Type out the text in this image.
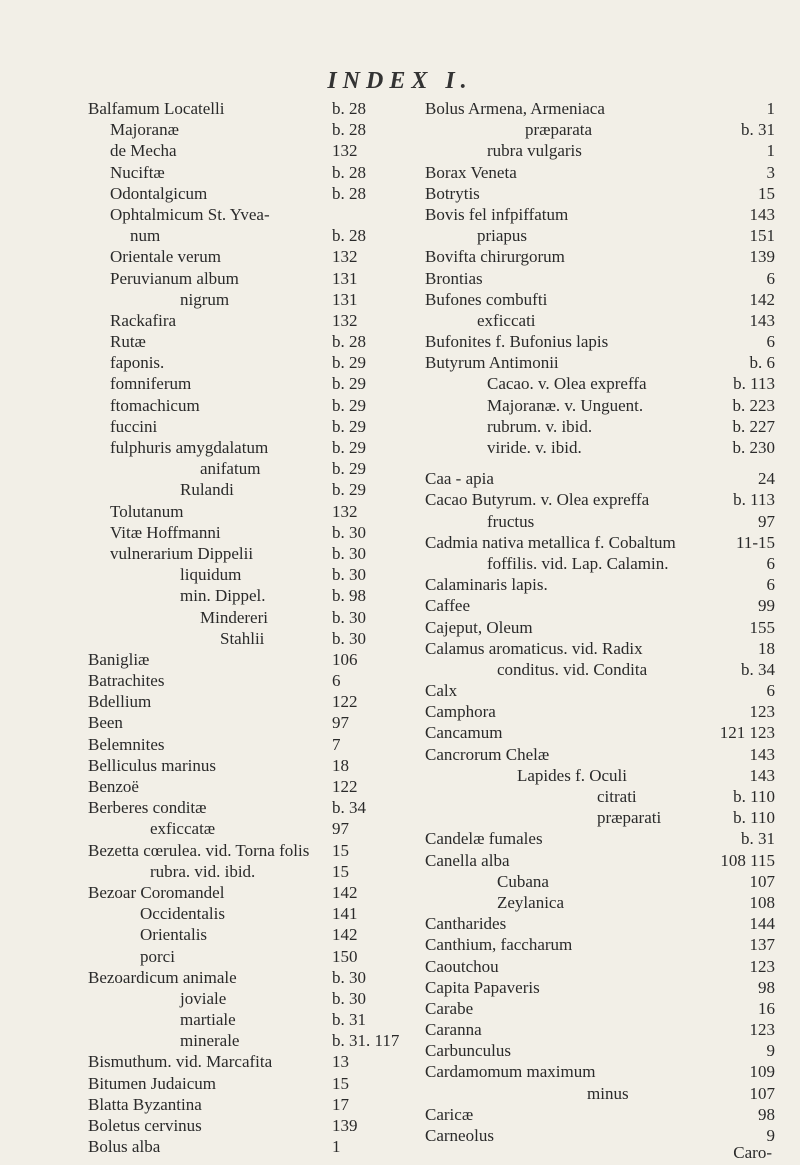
INDEX I.
Balfamum Locatelli	b. 28
Majoranæ	b. 28
de Mecha	132
Nuciftæ	b. 28
Odontalgicum	b. 28
Ophtalmicum St. Yvea-
num	b. 28
Orientale verum	132
Peruvianum album	131
nigrum	131
Rackafira	132
Rutæ	b. 28
faponis.	b. 29
fomniferum	b. 29
ftomachicum	b. 29
fuccini	b. 29
fulphuris amygdalatum	b. 29
anifatum	b. 29
Rulandi	b. 29
Tolutanum	132
Vitæ Hoffmanni	b. 30
vulnerarium Dippelii	b. 30
liquidum	b. 30
min. Dippel.	b. 98
Mindereri	b. 30
Stahlii	b. 30
Banigliæ	106
Batrachites	6
Bdellium	122
Been	97
Belemnites	7
Belliculus marinus	18
Benzoë	122
Berberes conditæ	b. 34
exficcatæ	97
Bezetta cœrulea. vid. Torna folis 15
rubra. vid. ibid.	15
Bezoar Coromandel	142
Occidentalis	141
Orientalis	142
porci	150
Bezoardicum animale	b. 30
joviale	b. 30
martiale	b. 31
minerale	b. 31. 117
Bismuthum. vid. Marcafita	13
Bitumen Judaicum	15
Blatta Byzantina	17
Boletus cervinus	139
Bolus alba	1
Bolus Armena, Armeniaca	1
præparata	b. 31
rubra vulgaris	1
Borax Veneta	3
Botrytis	15
Bovis fel infpiffatum	143
priapus	151
Bovifta chirurgorum	139
Brontias	6
Bufones combufti	142
exficcati	143
Bufonites f. Bufonius lapis	6
Butyrum Antimonii	b. 6
Cacao. v. Olea expreffa	b. 113
Majoranæ. v. Unguent.	b. 223
rubrum. v. ibid.	b. 227
viride. v. ibid.	b. 230
Caa - apia	24
Cacao Butyrum. v. Olea expreffa	b. 113
fructus	97
Cadmia nativa metallica f. Cobaltum	11-15
foffilis. vid. Lap. Calamin.	6
Calaminaris lapis.	6
Caffee	99
Cajeput, Oleum	155
Calamus aromaticus. vid. Radix	18
conditus. vid. Condita	b. 34
Calx	6
Camphora	123
Cancamum	121 123
Cancrorum Chelæ	143
Lapides f. Oculi	143
citrati	b. 110
præparati	b. 110
Candelæ fumales	b. 31
Canella alba	108 115
Cubana	107
Zeylanica	108
Cantharides	144
Canthium, faccharum	137
Caoutchou	123
Capita Papaveris	98
Carabe	16
Caranna	123
Carbunculus	9
Cardamomum maximum	109
minus	107
Caricæ	98
Carneolus	9
Caro-
